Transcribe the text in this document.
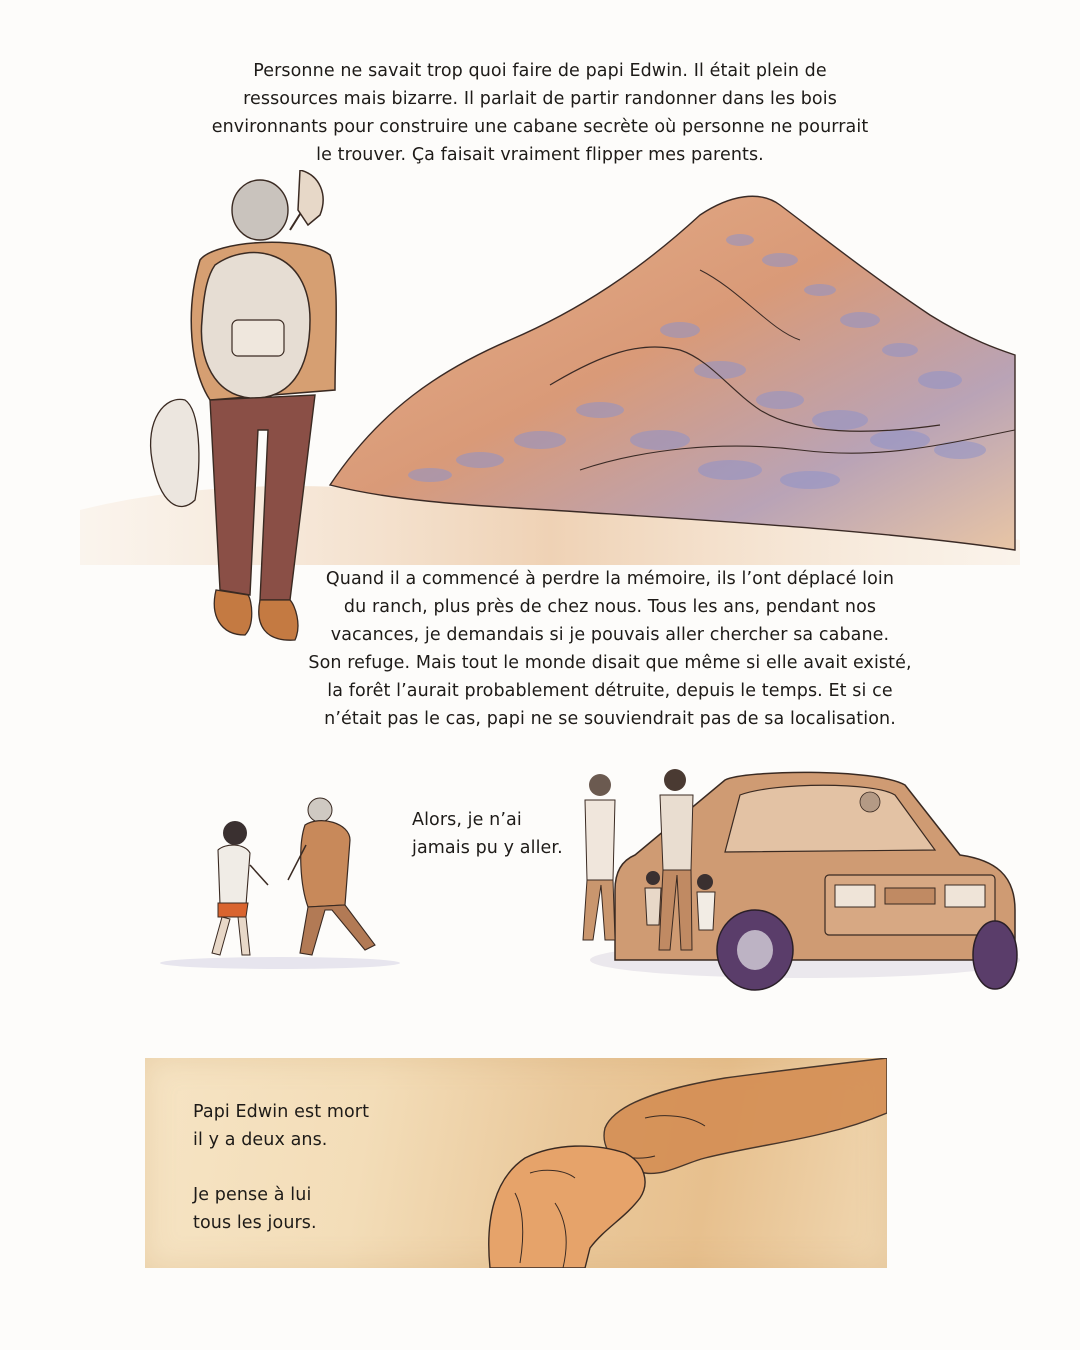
Personne ne savait trop quoi faire de papi Edwin. Il était plein de
ressources mais bizarre. Il parlait de partir randonner dans les bois
environnants pour construire une cabane secrète où personne ne pourrait
le trouver. Ça faisait vraiment flipper mes parents.
Quand il a commencé à perdre la mémoire, ils l’ont déplacé loin
du ranch, plus près de chez nous. Tous les ans, pendant nos
vacances, je demandais si je pouvais aller chercher sa cabane.
Son refuge. Mais tout le monde disait que même si elle avait existé,
la forêt l’aurait probablement détruite, depuis le temps. Et si ce
n’était pas le cas, papi ne se souviendrait pas de sa localisation.
Alors, je n’ai
jamais pu y aller.
Papi Edwin est mort
il y a deux ans.
Je pense à lui
tous les jours.
